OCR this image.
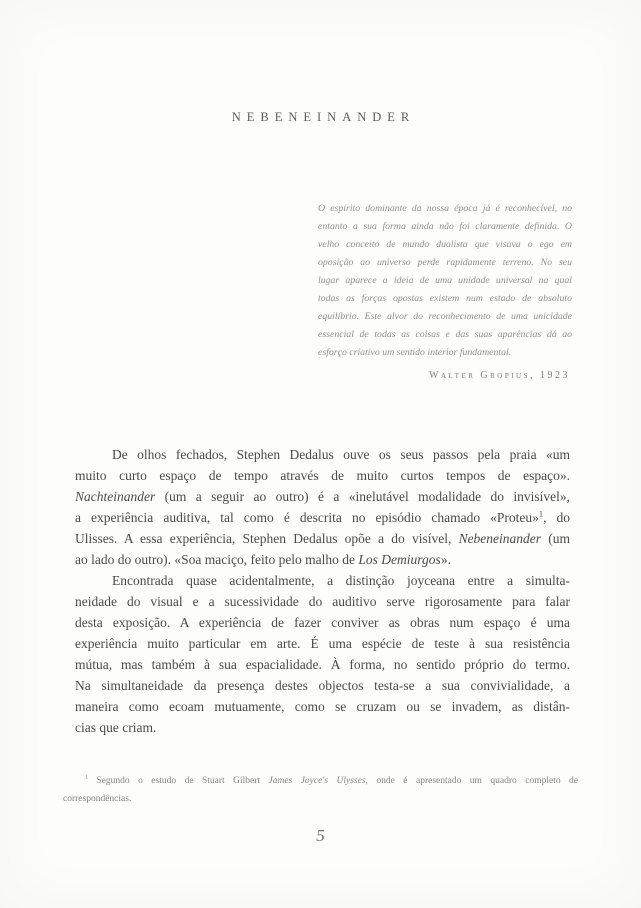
NEBENEINANDER
O espírito dominante da nossa época já é reconhecível, no
entanto a sua forma ainda não foi claramente definida. O
velho conceito de mundo dualista que visava o ego em
oposição ao universo perde rapidamente terreno. No seu
lugar aparece a ideia de uma unidade universal na qual
todas as forças opostas existem num estado de absoluto
equilíbrio. Este alvor do reconhecimento de uma unicidade
essencial de todas as coisas e das suas aparências dá ao
esforço criativo um sentido interior fundamental.
Walter Gropius, 1923
De olhos fechados, Stephen Dedalus ouve os seus passos pela praia «um
muito curto espaço de tempo através de muito curtos tempos de espaço».
Nachteinander (um a seguir ao outro) é a «inelutável modalidade do invisível»,
a experiência auditiva, tal como é descrita no episódio chamado «Proteu»$^1$, do
Ulisses. A essa experiência, Stephen Dedalus opõe a do visível, Nebeneinander (um
ao lado do outro). «Soa maciço, feito pelo malho de Los Demiurgos».
Encontrada quase acidentalmente, a distinção joyceana entre a simulta-
neidade do visual e a sucessividade do auditivo serve rigorosamente para falar
desta exposição. A experiência de fazer conviver as obras num espaço é uma
experiência muito particular em arte. É uma espécie de teste à sua resistência
mútua, mas também à sua espacialidade. À forma, no sentido próprio do termo.
Na simultaneidade da presença destes objectos testa-se a sua convivialidade, a
maneira como ecoam mutuamente, como se cruzam ou se invadem, as distân-
cias que criam.
$^1$ Segundo o estudo de Stuart Gilbert James Joyce's Ulysses, onde é apresentado um quadro completo de
correspondências.
5
